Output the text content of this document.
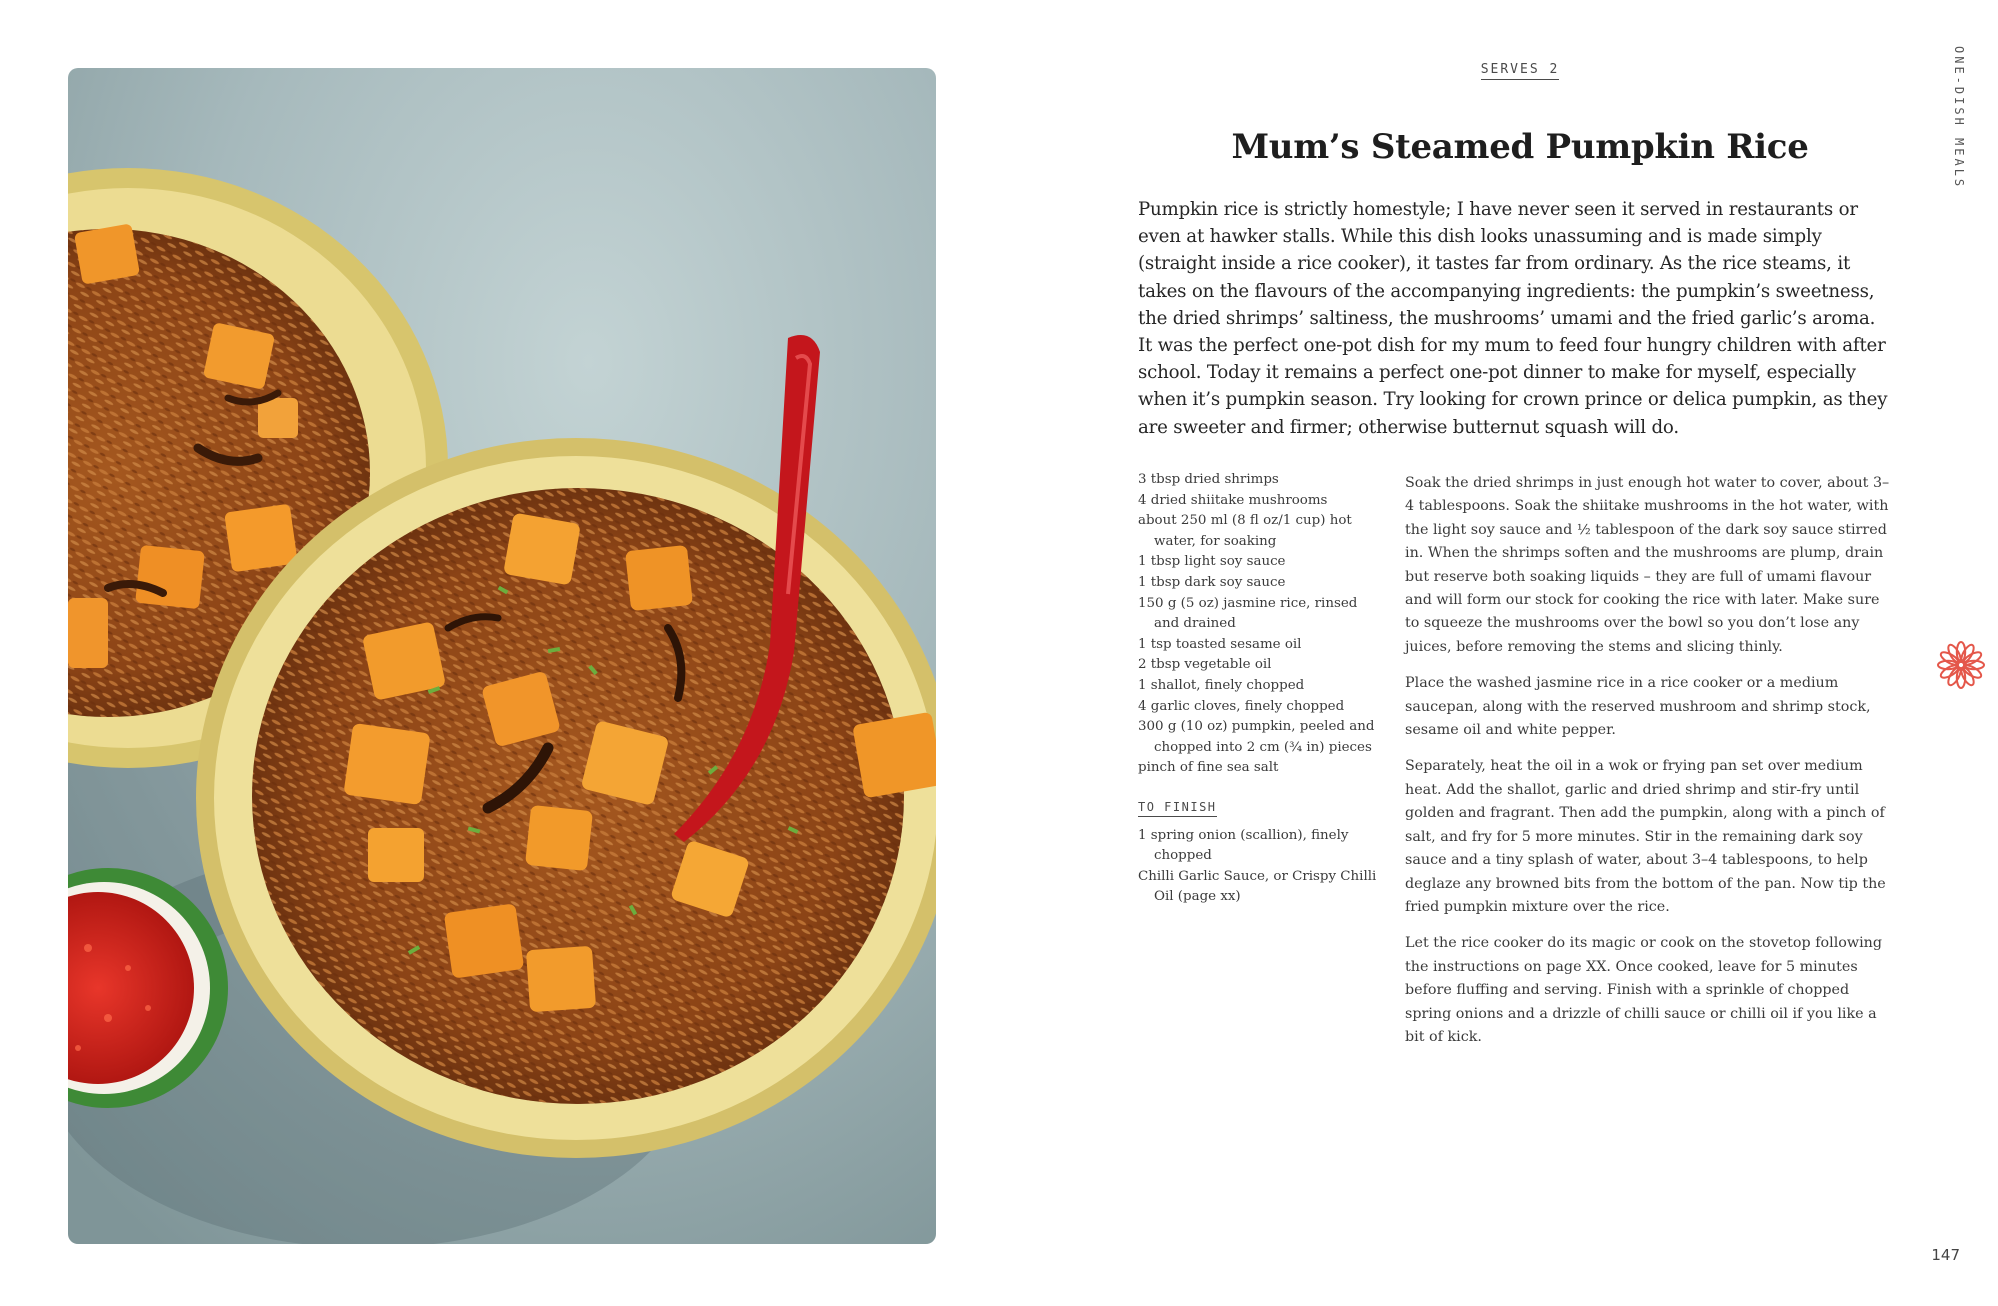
SERVES 2
Mum’s Steamed Pumpkin Rice	ONE-DISH MEALS

Pumpkin rice is strictly homestyle; I have never seen it served in restaurants or even at hawker stalls. While this dish looks unassuming and is made simply (straight inside a rice cooker), it tastes far from ordinary. As the rice steams, it takes on the flavours of the accompanying ingredients: the pumpkin’s sweetness, the dried shrimps’ saltiness, the mushrooms’ umami and the fried garlic’s aroma. It was the perfect one-pot dish for my mum to feed four hungry children with after school. Today it remains a perfect one-pot dinner to make for myself, especially when it’s pumpkin season. Try looking for crown prince or delica pumpkin, as they are sweeter and firmer; otherwise butternut squash will do.

3 tbsp dried shrimps
4 dried shiitake mushrooms
about 250 ml (8 fl oz/1 cup) hot water, for soaking
1 tbsp light soy sauce
1 tbsp dark soy sauce
150 g (5 oz) jasmine rice, rinsed and drained
1 tsp toasted sesame oil
2 tbsp vegetable oil
1 shallot, finely chopped
4 garlic cloves, finely chopped
300 g (10 oz) pumpkin, peeled and chopped into 2 cm (¾ in) pieces
pinch of fine sea salt
TO FINISH
1 spring onion (scallion), finely chopped
Chilli Garlic Sauce, or Crispy Chilli Oil (page xx)

Soak the dried shrimps in just enough hot water to cover, about 3–4 tablespoons. Soak the shiitake mushrooms in the hot water, with the light soy sauce and ½ tablespoon of the dark soy sauce stirred in. When the shrimps soften and the mushrooms are plump, drain but reserve both soaking liquids – they are full of umami flavour and will form our stock for cooking the rice with later. Make sure to squeeze the mushrooms over the bowl so you don’t lose any juices, before removing the stems and slicing thinly.

Place the washed jasmine rice in a rice cooker or a medium saucepan, along with the reserved mushroom and shrimp stock, sesame oil and white pepper.

Separately, heat the oil in a wok or frying pan set over medium heat. Add the shallot, garlic and dried shrimp and stir-fry until golden and fragrant. Then add the pumpkin, along with a pinch of salt, and fry for 5 more minutes. Stir in the remaining dark soy sauce and a tiny splash of water, about 3–4 tablespoons, to help deglaze any browned bits from the bottom of the pan. Now tip the fried pumpkin mixture over the rice.

Let the rice cooker do its magic or cook on the stovetop following the instructions on page XX. Once cooked, leave for 5 minutes before fluffing and serving. Finish with a sprinkle of chopped spring onions and a drizzle of chilli sauce or chilli oil if you like a bit of kick.

147
